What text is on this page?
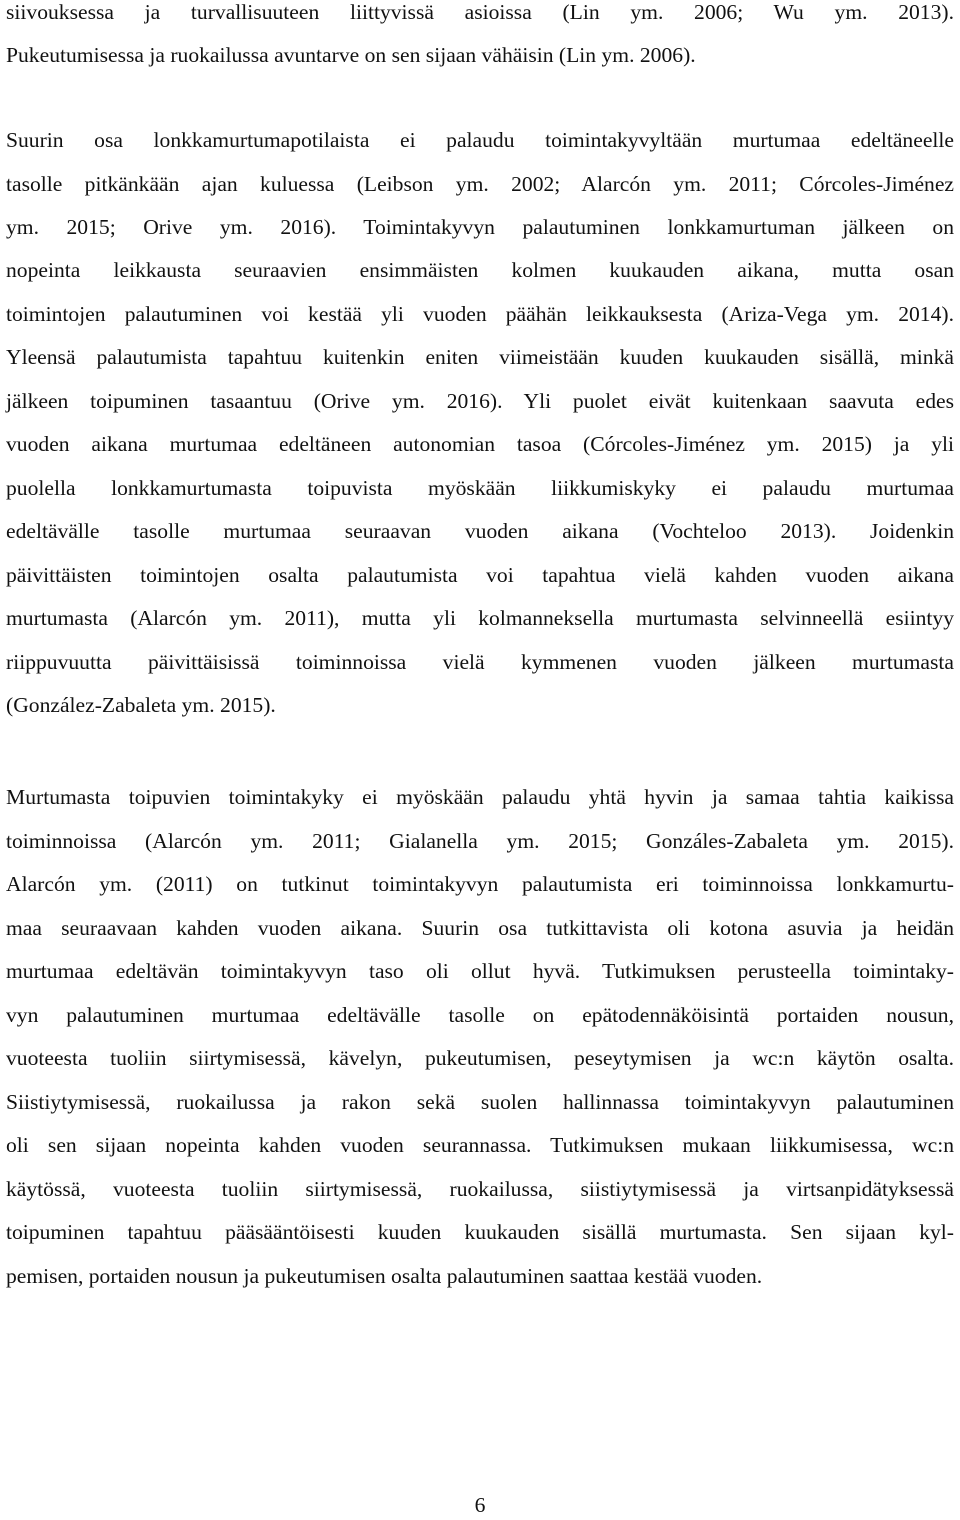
siivouksessa ja turvallisuuteen liittyvissä asioissa (Lin ym. 2006; Wu ym. 2013).
Pukeutumisessa ja ruokailussa avuntarve on sen sijaan vähäisin (Lin ym. 2006).
Suurin osa lonkkamurtumapotilaista ei palaudu toimintakyvyltään murtumaa edeltäneelle
tasolle pitkänkään ajan kuluessa (Leibson ym. 2002; Alarcón ym. 2011; Córcoles-Jiménez
ym. 2015; Orive ym. 2016). Toimintakyvyn palautuminen lonkkamurtuman jälkeen on
nopeinta leikkausta seuraavien ensimmäisten kolmen kuukauden aikana, mutta osan
toimintojen palautuminen voi kestää yli vuoden päähän leikkauksesta (Ariza-Vega ym. 2014).
Yleensä palautumista tapahtuu kuitenkin eniten viimeistään kuuden kuukauden sisällä, minkä
jälkeen toipuminen tasaantuu (Orive ym. 2016). Yli puolet eivät kuitenkaan saavuta edes
vuoden aikana murtumaa edeltäneen autonomian tasoa (Córcoles-Jiménez ym. 2015) ja yli
puolella lonkkamurtumasta toipuvista myöskään liikkumiskyky ei palaudu murtumaa
edeltävälle tasolle murtumaa seuraavan vuoden aikana (Vochteloo 2013). Joidenkin
päivittäisten toimintojen osalta palautumista voi tapahtua vielä kahden vuoden aikana
murtumasta (Alarcón ym. 2011), mutta yli kolmanneksella murtumasta selvinneellä esiintyy
riippuvuutta päivittäisissä toiminnoissa vielä kymmenen vuoden jälkeen murtumasta
(González-Zabaleta ym. 2015).
Murtumasta toipuvien toimintakyky ei myöskään palaudu yhtä hyvin ja samaa tahtia kaikissa
toiminnoissa (Alarcón ym. 2011; Gialanella ym. 2015; Gonzáles-Zabaleta ym. 2015).
Alarcón ym. (2011) on tutkinut toimintakyvyn palautumista eri toiminnoissa lonkkamurtu-
maa seuraavaan kahden vuoden aikana. Suurin osa tutkittavista oli kotona asuvia ja heidän
murtumaa edeltävän toimintakyvyn taso oli ollut hyvä. Tutkimuksen perusteella toimintaky-
vyn palautuminen murtumaa edeltävälle tasolle on epätodennäköisintä portaiden nousun,
vuoteesta tuoliin siirtymisessä, kävelyn, pukeutumisen, peseytymisen ja wc:n käytön osalta.
Siistiytymisessä, ruokailussa ja rakon sekä suolen hallinnassa toimintakyvyn palautuminen
oli sen sijaan nopeinta kahden vuoden seurannassa. Tutkimuksen mukaan liikkumisessa, wc:n
käytössä, vuoteesta tuoliin siirtymisessä, ruokailussa, siistiytymisessä ja virtsanpidätyksessä
toipuminen tapahtuu pääsääntöisesti kuuden kuukauden sisällä murtumasta. Sen sijaan kyl-
pemisen, portaiden nousun ja pukeutumisen osalta palautuminen saattaa kestää vuoden.
6
